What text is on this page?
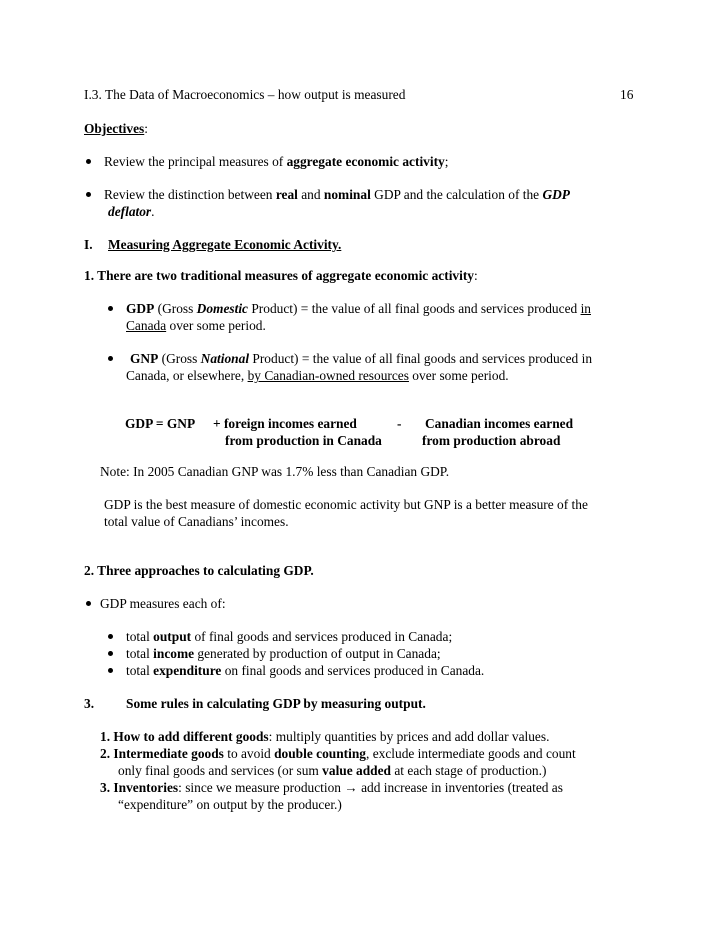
I.3. The Data of Macroeconomics – how output is measured	16
Objectives:
Review the principal measures of aggregate economic activity;
Review the distinction between real and nominal GDP and the calculation of the GDP
deflator.
I. Measuring Aggregate Economic Activity.
1. There are two traditional measures of aggregate economic activity:
GDP (Gross Domestic Product) = the value of all final goods and services produced in
Canada over some period.
GNP (Gross National Product) = the value of all final goods and services produced in
Canada, or elsewhere, by Canadian-owned resources over some period.
GDP = GNP + foreign incomes earned	- Canadian incomes earned
from production in Canada	from production abroad
Note: In 2005 Canadian GNP was 1.7% less than Canadian GDP.
GDP is the best measure of domestic economic activity but GNP is a better measure of the
total value of Canadians’ incomes.
2. Three approaches to calculating GDP.
GDP measures each of:
total output of final goods and services produced in Canada;
total income generated by production of output in Canada;
total expenditure on final goods and services produced in Canada.
3. Some rules in calculating GDP by measuring output.
1. How to add different goods: multiply quantities by prices and add dollar values.
2. Intermediate goods to avoid double counting, exclude intermediate goods and count
only final goods and services (or sum value added at each stage of production.)
3. Inventories: since we measure production → add increase in inventories (treated as
“expenditure” on output by the producer.)
